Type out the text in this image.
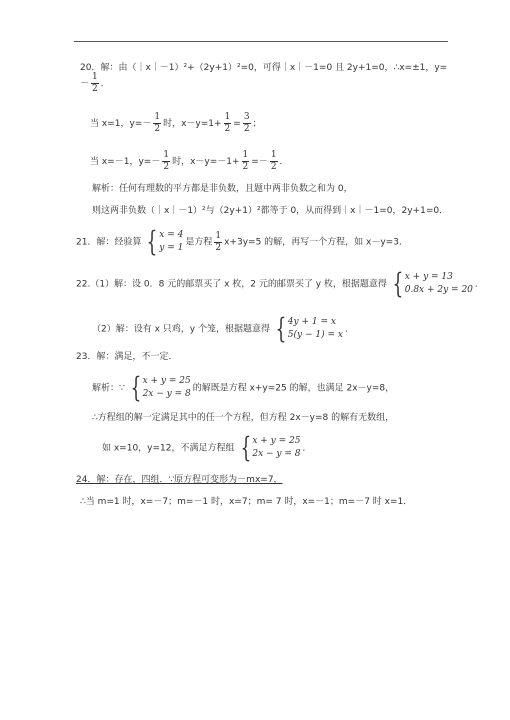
20．解：由（｜x｜－1）²+（2y+1）²=0，可得｜x｜－1=0 且 2y+1=0，∴x=±1，y=
－ $\frac{1}{2}$ ．
当 x=1，$y=- \frac{1}{2}$ 时，$x-y=1+ \frac{1}{2} = \frac{3}{2}$ ；
当 x=－1，$y=- \frac{1}{2}$ 时，$x-y=-1+ \frac{1}{2} =- \frac{1}{2}$ ．
解析：任何有理数的平方都是非负数，且题中两非负数之和为 0，
则这两非负数（｜x｜－1）²与（2y+1）²都等于 0，从而得到｜x｜－1=0，2y+1=0．
21．解：经验算 { x = 4
y = 1
是方程 $\frac{1}{2} x+3y=5$ 的解，再写一个方程，如 x－y=3．
22.（1）解：设 0．8 元的邮票买了 x 枚，2 元的邮票买了 y 枚，根据题意得 { x + y = 13
0.8x + 2y = 20
．
（2）解：设有 x 只鸡，y 个笼，根据题意得 { 4y + 1 = x
5(y − 1) = x
．
23．解：满足，不一定．
解析：∵ { x + y = 25
2x − y = 8
的解既是方程 x+y=25 的解，也满足 2x－y=8，
∴方程组的解一定满足其中的任一个方程，但方程 2x－y=8 的解有无数组，
如 x=10，y=12，不满足方程组 { x + y = 25
2x − y = 8
．
24．解：存在，四组．∵原方程可变形为－mx=7，
∴当 m=1 时，x=－7；m=－1 时，x=7；m= 7 时，x=－1；m=－7 时 x=1．
